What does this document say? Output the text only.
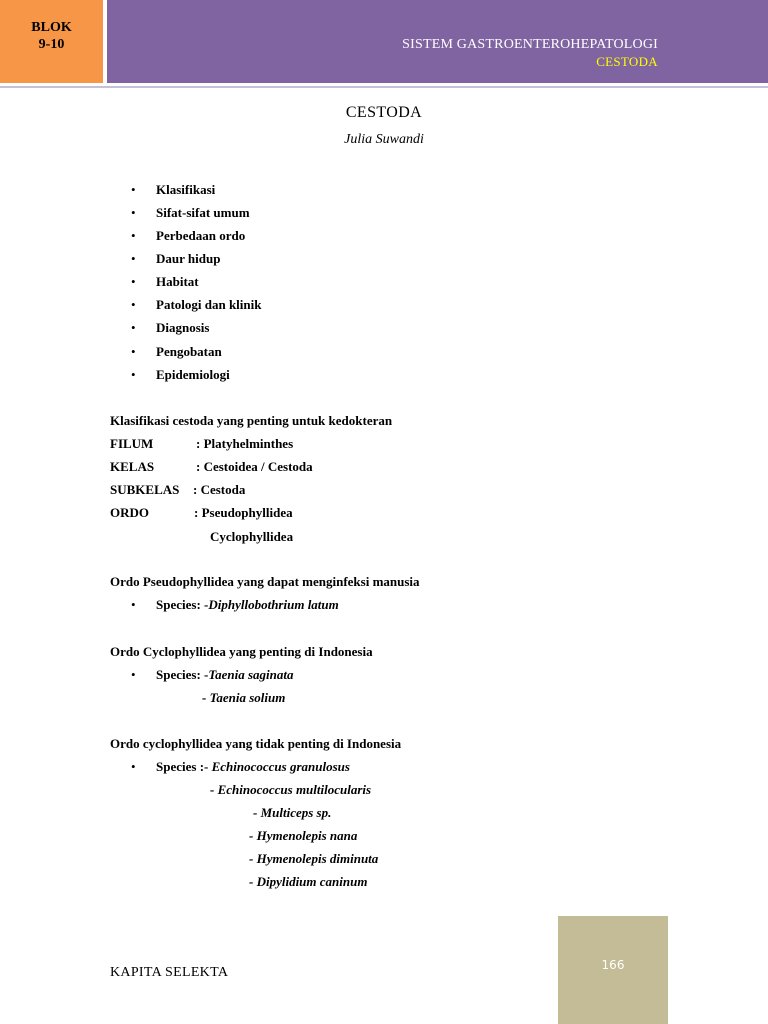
BLOK
9-10	SISTEM GASTROENTEROHEPATOLOGI
CESTODA
CESTODA
Julia Suwandi
• Klasifikasi
• Sifat-sifat umum
• Perbedaan ordo
• Daur hidup
• Habitat
• Patologi dan klinik
• Diagnosis
• Pengobatan
• Epidemiologi
Klasifikasi cestoda yang penting untuk kedokteran
FILUM	: Platyhelminthes
KELAS	: Cestoidea / Cestoda
SUBKELAS : Cestoda
ORDO	: Pseudophyllidea
Cyclophyllidea
Ordo Pseudophyllidea yang dapat menginfeksi manusia
• Species: -Diphyllobothrium latum
Ordo Cyclophyllidea yang penting di Indonesia
• Species: -Taenia saginata
- Taenia solium
Ordo cyclophyllidea yang tidak penting di Indonesia
• Species :- Echinococcus granulosus
- Echinococcus multilocularis
- Multiceps sp.
- Hymenolepis nana
- Hymenolepis diminuta
- Dipylidium caninum
KAPITA SELEKTA	166
